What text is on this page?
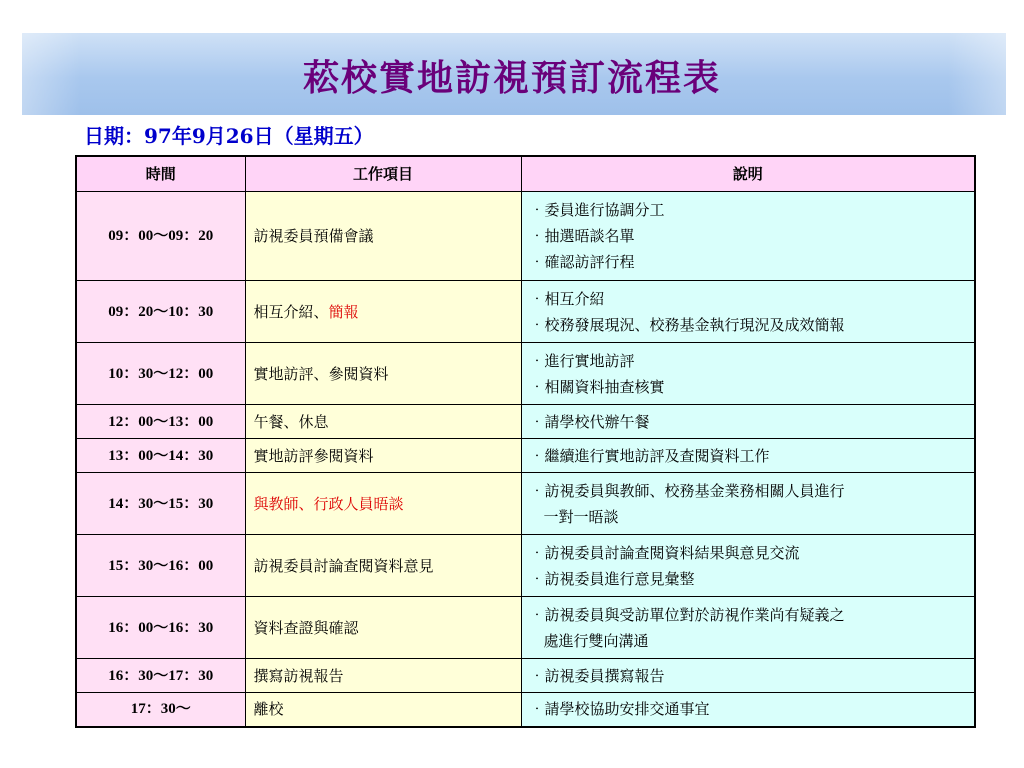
菘校實地訪視預訂流程表
日期：97年9月26日（星期五）
時間	工作項目	說明
09：00～09：20	訪視委員預備會議	‧委員進行協調分工
‧抽選晤談名單
‧確認訪評行程

09：20～10：30	相互介紹、簡報	‧相互介紹
‧校務發展現況、校務基金執行現況及成效簡報

10：30～12：00	實地訪評、參閱資料	‧進行實地訪評
‧相關資料抽查核實

12：00～13：00	午餐、休息	‧請學校代辦午餐

13：00～14：30	實地訪評參閱資料	‧繼續進行實地訪評及查閱資料工作

14：30～15：30	與教師、行政人員晤談	‧訪視委員與教師、校務基金業務相關人員進行
一對一晤談

15：30～16：00	訪視委員討論查閱資料意見	‧訪視委員討論查閱資料結果與意見交流
‧訪視委員進行意見彙整

16：00～16：30	資料查證與確認	‧訪視委員與受訪單位對於訪視作業尚有疑義之
處進行雙向溝通

16：30～17：30	撰寫訪視報告	‧訪視委員撰寫報告

17：30～	離校	‧請學校協助安排交通事宜
